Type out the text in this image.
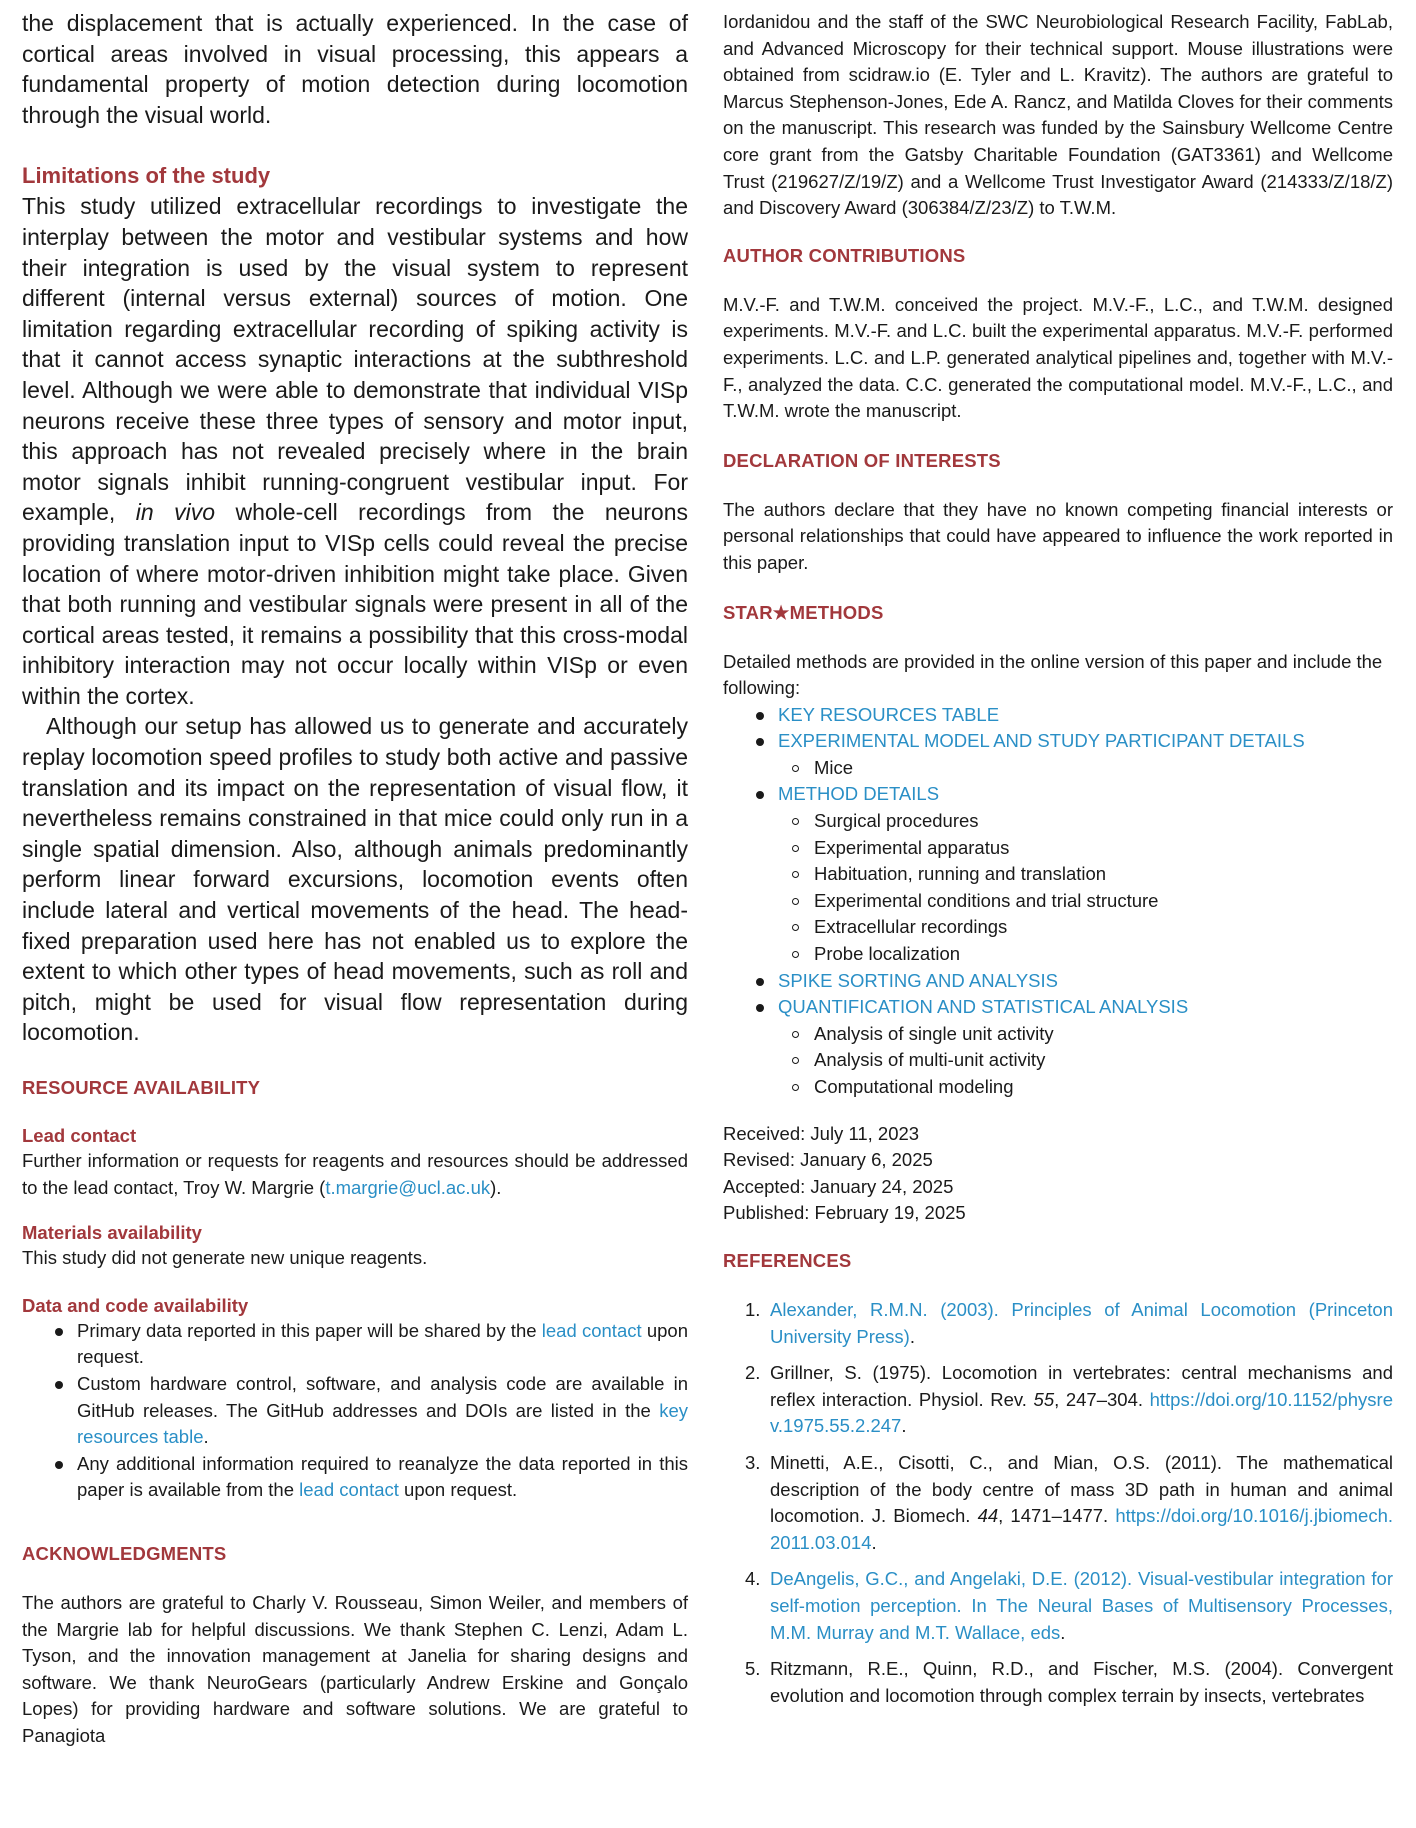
the displacement that is actually experienced. In the case of cortical areas involved in visual processing, this appears a fundamental property of motion detection during locomotion through the visual world.

Limitations of the study

This study utilized extracellular recordings to investigate the interplay between the motor and vestibular systems and how their integration is used by the visual system to represent different (internal versus external) sources of motion. One limitation regarding extracellular recording of spiking activity is that it cannot access synaptic interactions at the subthreshold level. Although we were able to demonstrate that individual VISp neurons receive these three types of sensory and motor input, this approach has not revealed precisely where in the brain motor signals inhibit running-congruent vestibular input. For example, in vivo whole-cell recordings from the neurons providing translation input to VISp cells could reveal the precise location of where motor-driven inhibition might take place. Given that both running and vestibular signals were present in all of the cortical areas tested, it remains a possibility that this cross-modal inhibitory interaction may not occur locally within VISp or even within the cortex.

Although our setup has allowed us to generate and accurately replay locomotion speed profiles to study both active and passive translation and its impact on the representation of visual flow, it nevertheless remains constrained in that mice could only run in a single spatial dimension. Also, although animals predominantly perform linear forward excursions, locomotion events often include lateral and vertical movements of the head. The head-fixed preparation used here has not enabled us to explore the extent to which other types of head movements, such as roll and pitch, might be used for visual flow representation during locomotion.

RESOURCE AVAILABILITY
Lead contact

Further information or requests for reagents and resources should be addressed to the lead contact, Troy W. Margrie (t.margrie@ucl.ac.uk).

Materials availability

This study did not generate new unique reagents.

Data and code availability
Primary data reported in this paper will be shared by the lead contact upon request.
Custom hardware control, software, and analysis code are available in GitHub releases. The GitHub addresses and DOIs are listed in the key resources table.
Any additional information required to reanalyze the data reported in this paper is available from the lead contact upon request.
ACKNOWLEDGMENTS

The authors are grateful to Charly V. Rousseau, Simon Weiler, and members of the Margrie lab for helpful discussions. We thank Stephen C. Lenzi, Adam L. Tyson, and the innovation management at Janelia for sharing designs and software. We thank NeuroGears (particularly Andrew Erskine and Gonçalo Lopes) for providing hardware and software solutions. We are grateful to Panagiota

Iordanidou and the staff of the SWC Neurobiological Research Facility, FabLab, and Advanced Microscopy for their technical support. Mouse illustrations were obtained from scidraw.io (E. Tyler and L. Kravitz). The authors are grateful to Marcus Stephenson-Jones, Ede A. Rancz, and Matilda Cloves for their comments on the manuscript. This research was funded by the Sainsbury Wellcome Centre core grant from the Gatsby Charitable Foundation (GAT3361) and Wellcome Trust (219627/Z/19/Z) and a Wellcome Trust Investigator Award (214333/Z/18/Z) and Discovery Award (306384/Z/23/Z) to T.W.M.

AUTHOR CONTRIBUTIONS

M.V.-F. and T.W.M. conceived the project. M.V.-F., L.C., and T.W.M. designed experiments. M.V.-F. and L.C. built the experimental apparatus. M.V.-F. performed experiments. L.C. and L.P. generated analytical pipelines and, together with M.V.-F., analyzed the data. C.C. generated the computational model. M.V.-F., L.C., and T.W.M. wrote the manuscript.

DECLARATION OF INTERESTS

The authors declare that they have no known competing financial interests or personal relationships that could have appeared to influence the work reported in this paper.

STAR★METHODS

Detailed methods are provided in the online version of this paper and include the following:

KEY RESOURCES TABLE
EXPERIMENTAL MODEL AND STUDY PARTICIPANT DETAILS
Mice
METHOD DETAILS
Surgical procedures
Experimental apparatus
Habituation, running and translation
Experimental conditions and trial structure
Extracellular recordings
Probe localization
SPIKE SORTING AND ANALYSIS
QUANTIFICATION AND STATISTICAL ANALYSIS
Analysis of single unit activity
Analysis of multi-unit activity
Computational modeling

Received: July 11, 2023

Revised: January 6, 2025

Accepted: January 24, 2025

Published: February 19, 2025

REFERENCES
1. Alexander, R.M.N. (2003). Principles of Animal Locomotion (Princeton University Press).
2. Grillner, S. (1975). Locomotion in vertebrates: central mechanisms and reflex interaction. Physiol. Rev. 55, 247–304. https://doi.org/10.1152/physrev.1975.55.2.247.
3. Minetti, A.E., Cisotti, C., and Mian, O.S. (2011). The mathematical description of the body centre of mass 3D path in human and animal locomotion. J. Biomech. 44, 1471–1477. https://doi.org/10.1016/j.jbiomech.2011.03.014.
4. DeAngelis, G.C., and Angelaki, D.E. (2012). Visual-vestibular integration for self-motion perception. In The Neural Bases of Multisensory Processes, M.M. Murray and M.T. Wallace, eds.
5. Ritzmann, R.E., Quinn, R.D., and Fischer, M.S. (2004). Convergent evolution and locomotion through complex terrain by insects, vertebrates
